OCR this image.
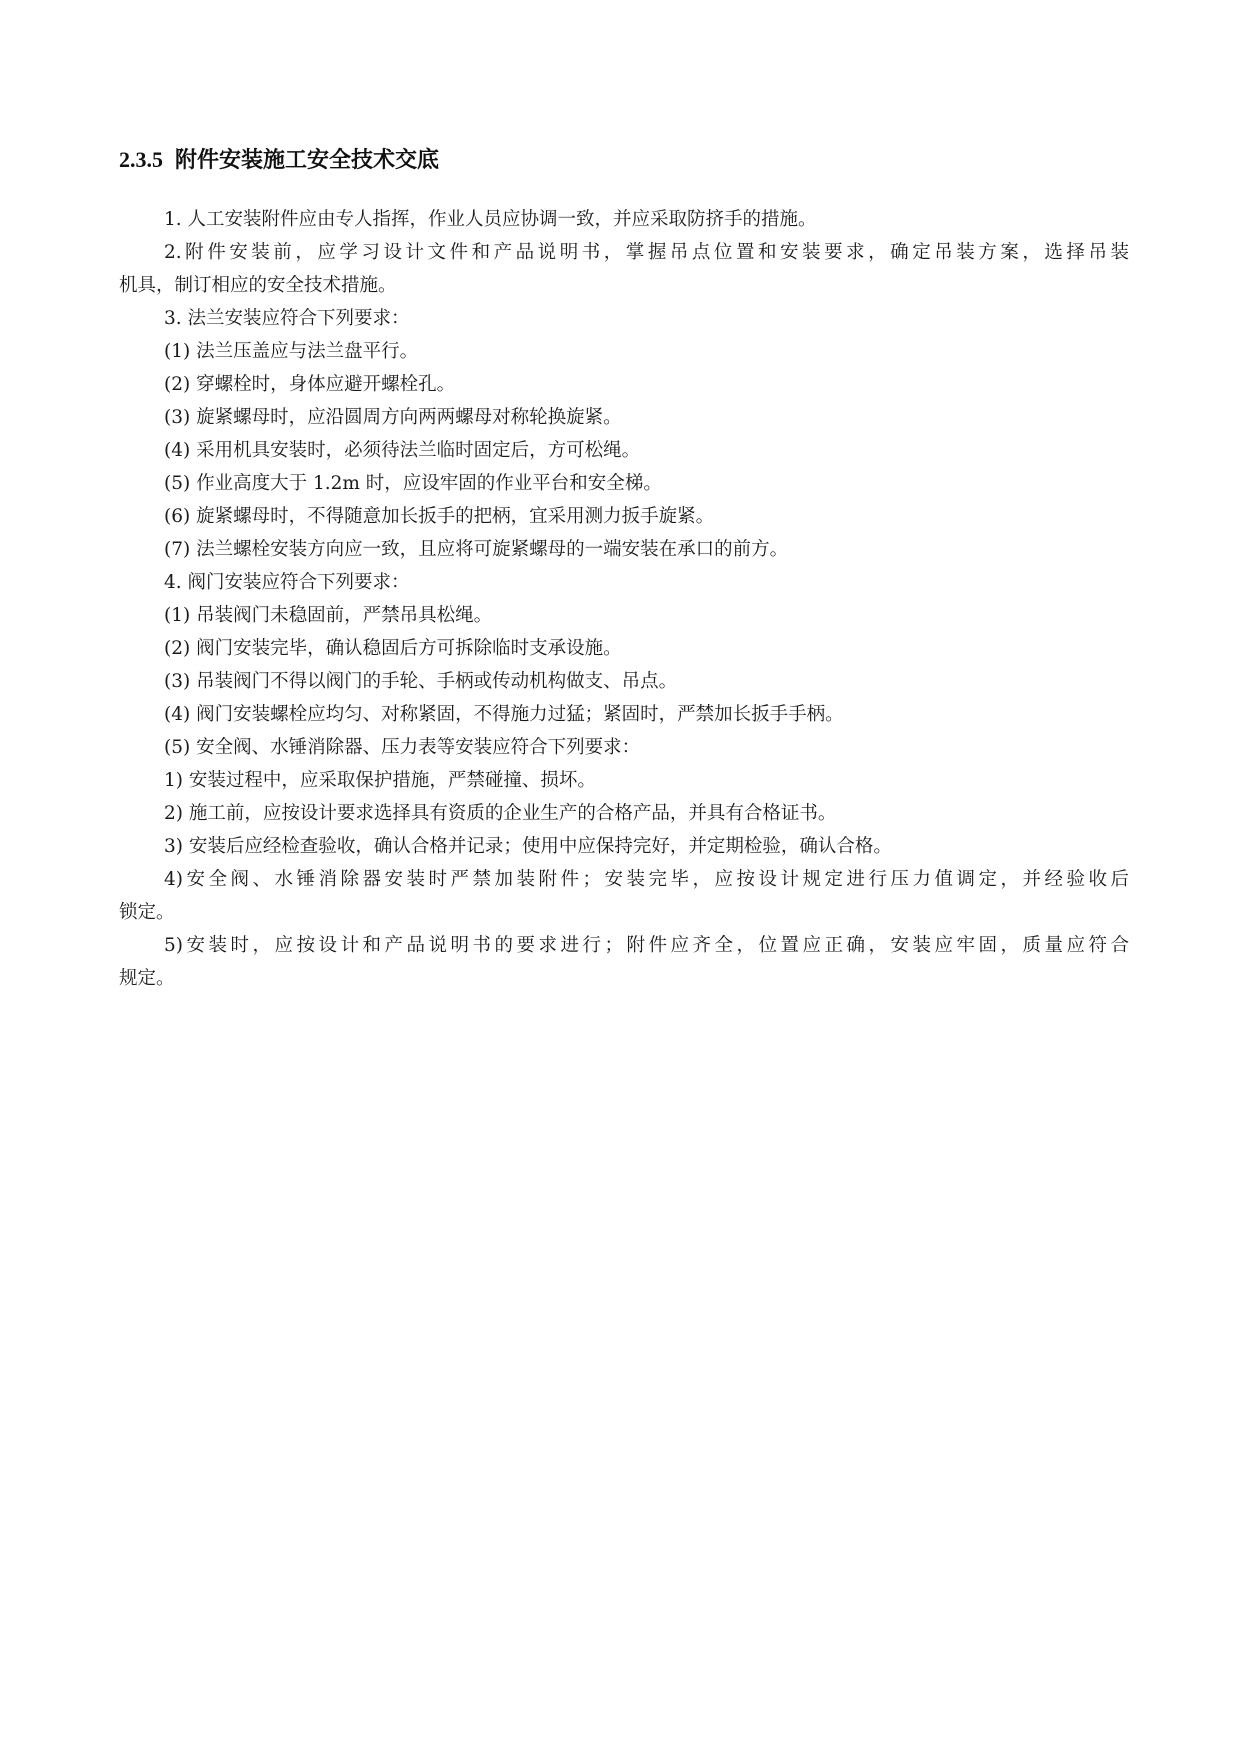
2.3.5 附件安装施工安全技术交底
1. 人工安装附件应由专人指挥，作业人员应协调一致，并应采取防挤手的措施。
2.附件安装前，应学习设计文件和产品说明书，掌握吊点位置和安装要求，确定吊装方案，选择吊装
机具，制订相应的安全技术措施。
3. 法兰安装应符合下列要求：
(1) 法兰压盖应与法兰盘平行。
(2) 穿螺栓时，身体应避开螺栓孔。
(3) 旋紧螺母时，应沿圆周方向两两螺母对称轮换旋紧。
(4) 采用机具安装时，必须待法兰临时固定后，方可松绳。
(5) 作业高度大于 1.2m 时，应设牢固的作业平台和安全梯。
(6) 旋紧螺母时，不得随意加长扳手的把柄，宜采用测力扳手旋紧。
(7) 法兰螺栓安装方向应一致，且应将可旋紧螺母的一端安装在承口的前方。
4. 阀门安装应符合下列要求：
(1) 吊装阀门未稳固前，严禁吊具松绳。
(2) 阀门安装完毕，确认稳固后方可拆除临时支承设施。
(3) 吊装阀门不得以阀门的手轮、手柄或传动机构做支、吊点。
(4) 阀门安装螺栓应均匀、对称紧固，不得施力过猛；紧固时，严禁加长扳手手柄。
(5) 安全阀、水锤消除器、压力表等安装应符合下列要求：
1) 安装过程中，应采取保护措施，严禁碰撞、损坏。
2) 施工前，应按设计要求选择具有资质的企业生产的合格产品，并具有合格证书。
3) 安装后应经检查验收，确认合格并记录；使用中应保持完好，并定期检验，确认合格。
4)安全阀、水锤消除器安装时严禁加装附件；安装完毕，应按设计规定进行压力值调定，并经验收后
锁定。
5)安装时，应按设计和产品说明书的要求进行；附件应齐全，位置应正确，安装应牢固，质量应符合
规定。
